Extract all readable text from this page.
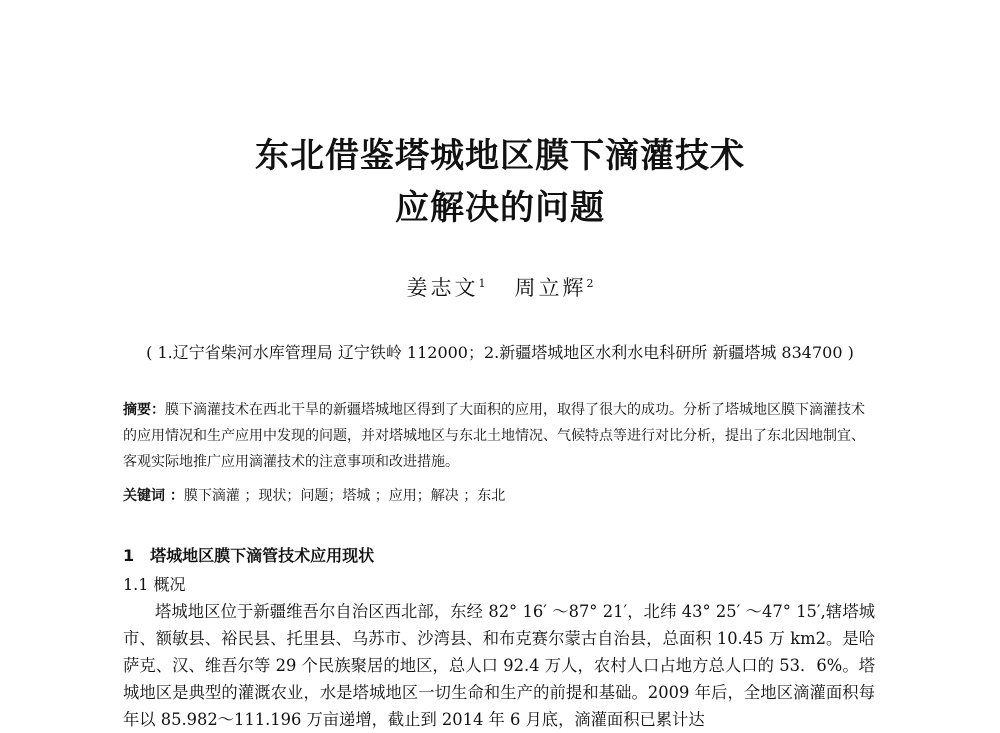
东北借鉴塔城地区膜下滴灌技术
应解决的问题
姜志文$^1$ 周立辉$^2$
( 1.辽宁省柴河水库管理局 辽宁铁岭 112000；2.新疆塔城地区水利水电科研所 新疆塔城 834700 )
摘要：膜下滴灌技术在西北干旱的新疆塔城地区得到了大面积的应用，取得了很大的成功。分析了塔城地区膜下滴灌技术的应用情况和生产应用中发现的问题，并对塔城地区与东北土地情况、气候特点等进行对比分析，提出了东北因地制宜、客观实际地推广应用滴灌技术的注意事项和改进措施。
关键词 ：膜下滴灌 ；现状；问题；塔城 ；应用；解决 ；东北
1　塔城地区膜下滴管技术应用现状
1.1 概况
塔城地区位于新疆维吾尔自治区西北部，东经 82° 16′ ～87° 21′，北纬 43° 25′ ～47° 15′,辖塔城市、额敏县、裕民县、托里县、乌苏市、沙湾县、和布克赛尔蒙古自治县，总面积 10.45 万 km2。是哈萨克、汉、维吾尔等 29 个民族聚居的地区，总人口 92.4 万人，农村人口占地方总人口的 53．6%。塔城地区是典型的灌溉农业，水是塔城地区一切生命和生产的前提和基础。2009 年后，全地区滴灌面积每年以 85.982～111.196 万亩递增，截止到 2014 年 6 月底，滴灌面积已累计达
